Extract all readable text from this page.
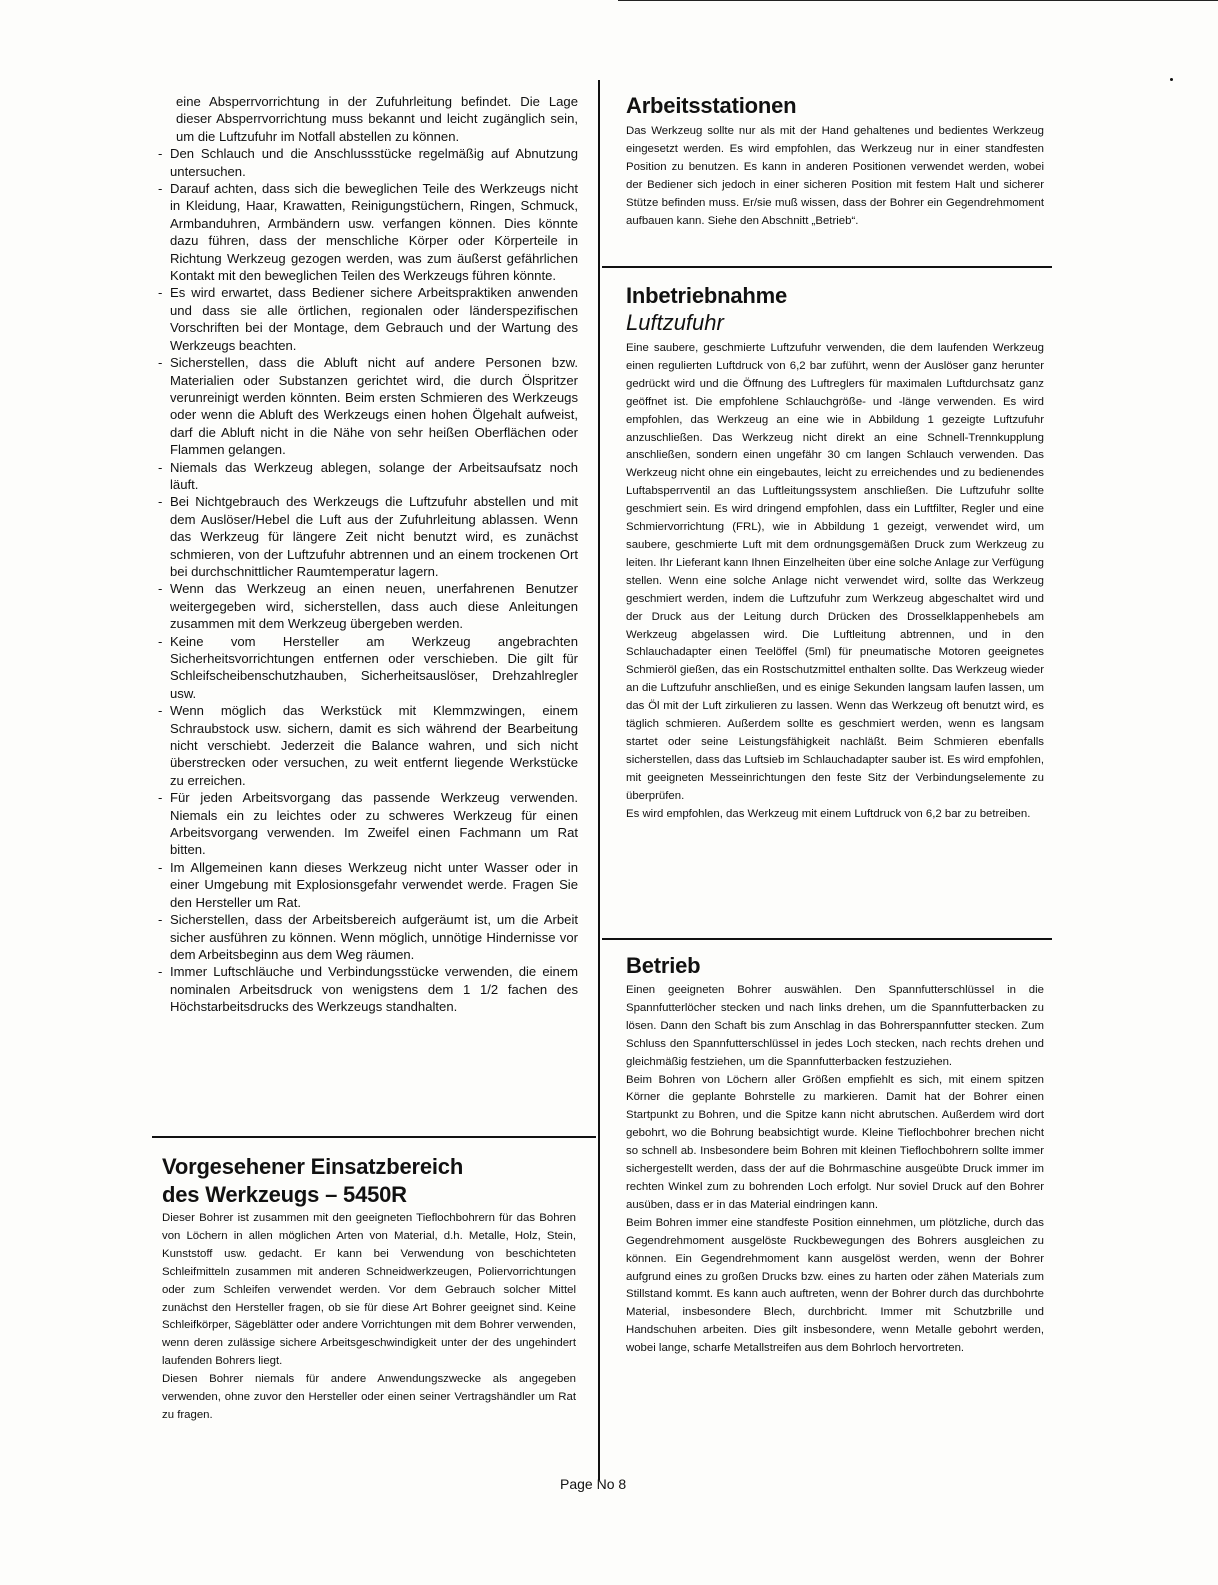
eine Absperrvorrichtung in der Zufuhrleitung befindet. Die Lage dieser Absperrvorrichtung muss bekannt und leicht zugänglich sein, um die Luftzufuhr im Notfall abstellen zu können.
- Den Schlauch und die Anschlussstücke regelmäßig auf Abnutzung untersuchen.
- Darauf achten, dass sich die beweglichen Teile des Werkzeugs nicht in Kleidung, Haar, Krawatten, Reinigungstüchern, Ringen, Schmuck, Armbanduhren, Armbändern usw. verfangen können. Dies könnte dazu führen, dass der menschliche Körper oder Körperteile in Richtung Werkzeug gezogen werden, was zum äußerst gefährlichen Kontakt mit den beweglichen Teilen des Werkzeugs führen könnte.
- Es wird erwartet, dass Bediener sichere Arbeitspraktiken anwenden und dass sie alle örtlichen, regionalen oder länderspezifischen Vorschriften bei der Montage, dem Gebrauch und der Wartung des Werkzeugs beachten.
- Sicherstellen, dass die Abluft nicht auf andere Personen bzw. Materialien oder Substanzen gerichtet wird, die durch Ölspritzer verunreinigt werden könnten. Beim ersten Schmieren des Werkzeugs oder wenn die Abluft des Werkzeugs einen hohen Ölgehalt aufweist, darf die Abluft nicht in die Nähe von sehr heißen Oberflächen oder Flammen gelangen.
- Niemals das Werkzeug ablegen, solange der Arbeitsaufsatz noch läuft.
- Bei Nichtgebrauch des Werkzeugs die Luftzufuhr abstellen und mit dem Auslöser/Hebel die Luft aus der Zufuhrleitung ablassen. Wenn das Werkzeug für längere Zeit nicht benutzt wird, es zunächst schmieren, von der Luftzufuhr abtrennen und an einem trockenen Ort bei durchschnittlicher Raumtemperatur lagern.
- Wenn das Werkzeug an einen neuen, unerfahrenen Benutzer weitergegeben wird, sicherstellen, dass auch diese Anleitungen zusammen mit dem Werkzeug übergeben werden.
- Keine vom Hersteller am Werkzeug angebrachten Sicherheitsvorrichtungen entfernen oder verschieben. Die gilt für Schleifscheibenschutzhauben, Sicherheitsauslöser, Drehzahlregler usw.
- Wenn möglich das Werkstück mit Klemmzwingen, einem Schraubstock usw. sichern, damit es sich während der Bearbeitung nicht verschiebt. Jederzeit die Balance wahren, und sich nicht überstrecken oder versuchen, zu weit entfernt liegende Werkstücke zu erreichen.
- Für jeden Arbeitsvorgang das passende Werkzeug verwenden. Niemals ein zu leichtes oder zu schweres Werkzeug für einen Arbeitsvorgang verwenden. Im Zweifel einen Fachmann um Rat bitten.
- Im Allgemeinen kann dieses Werkzeug nicht unter Wasser oder in einer Umgebung mit Explosionsgefahr verwendet werde. Fragen Sie den Hersteller um Rat.
- Sicherstellen, dass der Arbeitsbereich aufgeräumt ist, um die Arbeit sicher ausführen zu können. Wenn möglich, unnötige Hindernisse vor dem Arbeitsbeginn aus dem Weg räumen.
- Immer Luftschläuche und Verbindungsstücke verwenden, die einem nominalen Arbeitsdruck von wenigstens dem 1 1/2 fachen des Höchstarbeitsdrucks des Werkzeugs standhalten.
Vorgesehener Einsatzbereich
des Werkzeugs – 5450R

Dieser Bohrer ist zusammen mit den geeigneten Tieflochbohrern für das Bohren von Löchern in allen möglichen Arten von Material, d.h. Metalle, Holz, Stein, Kunststoff usw. gedacht. Er kann bei Verwendung von beschichteten Schleifmitteln zusammen mit anderen Schneidwerkzeugen, Poliervorrichtungen oder zum Schleifen verwendet werden. Vor dem Gebrauch solcher Mittel zunächst den Hersteller fragen, ob sie für diese Art Bohrer geeignet sind. Keine Schleifkörper, Sägeblätter oder andere Vorrichtungen mit dem Bohrer verwenden, wenn deren zulässige sichere Arbeitsgeschwindigkeit unter der des ungehindert laufenden Bohrers liegt.

Diesen Bohrer niemals für andere Anwendungszwecke als angegeben verwenden, ohne zuvor den Hersteller oder einen seiner Vertragshändler um Rat zu fragen.

Arbeitsstationen

Das Werkzeug sollte nur als mit der Hand gehaltenes und bedientes Werkzeug eingesetzt werden. Es wird empfohlen, das Werkzeug nur in einer standfesten Position zu benutzen. Es kann in anderen Positionen verwendet werden, wobei der Bediener sich jedoch in einer sicheren Position mit festem Halt und sicherer Stütze befinden muss. Er/sie muß wissen, dass der Bohrer ein Gegendrehmoment aufbauen kann. Siehe den Abschnitt „Betrieb“.

Inbetriebnahme
Luftzufuhr

Eine saubere, geschmierte Luftzufuhr verwenden, die dem laufenden Werkzeug einen regulierten Luftdruck von 6,2 bar zuführt, wenn der Auslöser ganz herunter gedrückt wird und die Öffnung des Luftreglers für maximalen Luftdurchsatz ganz geöffnet ist. Die empfohlene Schlauchgröße- und -länge verwenden. Es wird empfohlen, das Werkzeug an eine wie in Abbildung 1 gezeigte Luftzufuhr anzuschließen. Das Werkzeug nicht direkt an eine Schnell-Trennkupplung anschließen, sondern einen ungefähr 30 cm langen Schlauch verwenden. Das Werkzeug nicht ohne ein eingebautes, leicht zu erreichendes und zu bedienendes Luftabsperrventil an das Luftleitungssystem anschließen. Die Luftzufuhr sollte geschmiert sein. Es wird dringend empfohlen, dass ein Luftfilter, Regler und eine Schmiervorrichtung (FRL), wie in Abbildung 1 gezeigt, verwendet wird, um saubere, geschmierte Luft mit dem ordnungsgemäßen Druck zum Werkzeug zu leiten. Ihr Lieferant kann Ihnen Einzelheiten über eine solche Anlage zur Verfügung stellen. Wenn eine solche Anlage nicht verwendet wird, sollte das Werkzeug geschmiert werden, indem die Luftzufuhr zum Werkzeug abgeschaltet wird und der Druck aus der Leitung durch Drücken des Drosselklappenhebels am Werkzeug abgelassen wird. Die Luftleitung abtrennen, und in den Schlauchadapter einen Teelöffel (5ml) für pneumatische Motoren geeignetes Schmieröl gießen, das ein Rostschutzmittel enthalten sollte. Das Werkzeug wieder an die Luftzufuhr anschließen, und es einige Sekunden langsam laufen lassen, um das Öl mit der Luft zirkulieren zu lassen. Wenn das Werkzeug oft benutzt wird, es täglich schmieren. Außerdem sollte es geschmiert werden, wenn es langsam startet oder seine Leistungsfähigkeit nachläßt. Beim Schmieren ebenfalls sicherstellen, dass das Luftsieb im Schlauchadapter sauber ist. Es wird empfohlen, mit geeigneten Messeinrichtungen den feste Sitz der Verbindungselemente zu überprüfen.

Es wird empfohlen, das Werkzeug mit einem Luftdruck von 6,2 bar zu betreiben.

Betrieb

Einen geeigneten Bohrer auswählen. Den Spannfutterschlüssel in die Spannfutterlöcher stecken und nach links drehen, um die Spannfutterbacken zu lösen. Dann den Schaft bis zum Anschlag in das Bohrerspannfutter stecken. Zum Schluss den Spannfutterschlüssel in jedes Loch stecken, nach rechts drehen und gleichmäßig festziehen, um die Spannfutterbacken festzuziehen.

Beim Bohren von Löchern aller Größen empfiehlt es sich, mit einem spitzen Körner die geplante Bohrstelle zu markieren. Damit hat der Bohrer einen Startpunkt zu Bohren, und die Spitze kann nicht abrutschen. Außerdem wird dort gebohrt, wo die Bohrung beabsichtigt wurde. Kleine Tieflochbohrer brechen nicht so schnell ab. Insbesondere beim Bohren mit kleinen Tieflochbohrern sollte immer sichergestellt werden, dass der auf die Bohrmaschine ausgeübte Druck immer im rechten Winkel zum zu bohrenden Loch erfolgt. Nur soviel Druck auf den Bohrer ausüben, dass er in das Material eindringen kann.

Beim Bohren immer eine standfeste Position einnehmen, um plötzliche, durch das Gegendrehmoment ausgelöste Ruckbewegungen des Bohrers ausgleichen zu können. Ein Gegendrehmoment kann ausgelöst werden, wenn der Bohrer aufgrund eines zu großen Drucks bzw. eines zu harten oder zähen Materials zum Stillstand kommt. Es kann auch auftreten, wenn der Bohrer durch das durchbohrte Material, insbesondere Blech, durchbricht. Immer mit Schutzbrille und Handschuhen arbeiten. Dies gilt insbesondere, wenn Metalle gebohrt werden, wobei lange, scharfe Metallstreifen aus dem Bohrloch hervortreten.

Page No 8
